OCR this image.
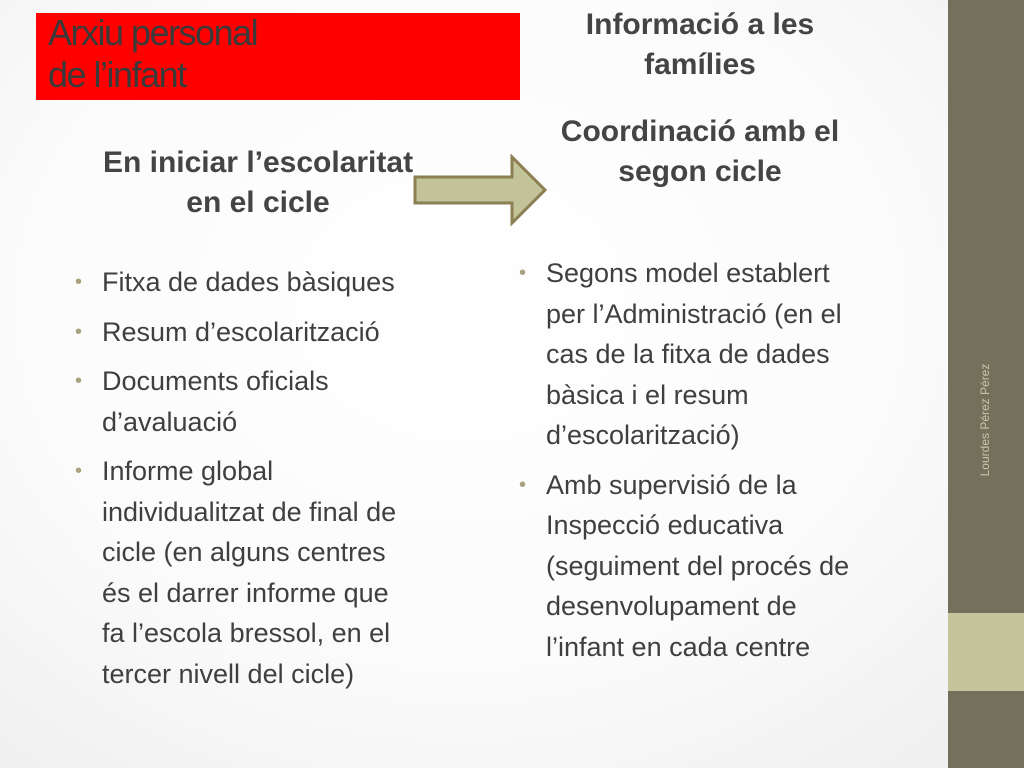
Lourdes Pérez Pérez
Arxiu personal
de l’infant
Informació a les
famílies
Coordinació amb el
segon cicle
En iniciar l’escolaritat
en el cicle
• Fitxa de dades bàsiques
• Resum d’escolarització
• Documents oficials
d’avaluació
• Informe global
individualitzat de final de
cicle (en alguns centres
és el darrer informe que
fa l’escola bressol, en el
tercer nivell del cicle)
• Segons model establert
per l’Administració (en el
cas de la fitxa de dades
bàsica i el resum
d’escolarització)
• Amb supervisió de la
Inspecció educativa
(seguiment del procés de
desenvolupament de
l’infant en cada centre
